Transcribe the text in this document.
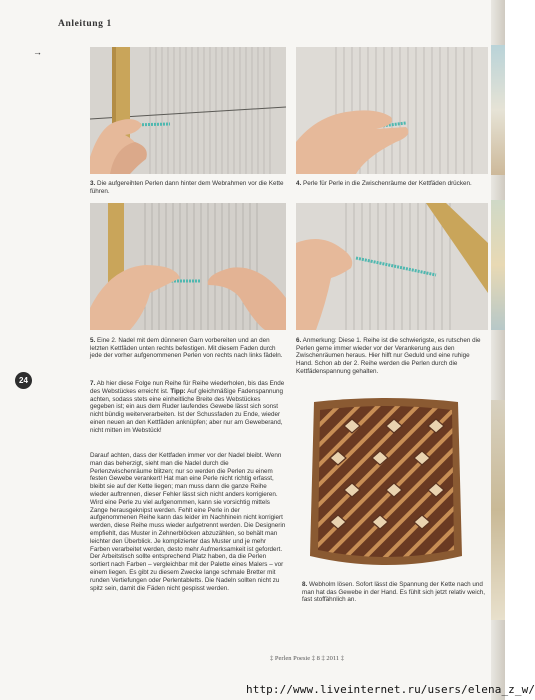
Anleitung 1
→
3. Die aufgereihten Perlen dann hinter dem Webrahmen vor die Kette führen.
4. Perle für Perle in die Zwischenräume der Kettfäden drücken.
5. Eine 2. Nadel mit dem dünneren Garn vorbereiten und an den letzten Kettfäden unten rechts befestigen. Mit diesem Faden durch jede der vorher aufgenommenen Perlen von rechts nach links fädeln.
6. Anmerkung: Diese 1. Reihe ist die schwierigste, es rutschen die Perlen gerne immer wieder vor der Verankerung aus den Zwischenräumen heraus. Hier hilft nur Geduld und eine ruhige Hand. Schon ab der 2. Reihe werden die Perlen durch die Kettfädenspannung gehalten.
24	7. Ab hier diese Folge nun Reihe für Reihe wiederholen, bis das Ende des Webstückes erreicht ist. Tipp: Auf gleichmäßige Fadenspannung achten, sodass stets eine einheitliche Breite des Webstückes gegeben ist; ein aus dem Ruder laufendes Gewebe lässt sich sonst nicht bündig weiterverarbeiten. Ist der Schussfaden zu Ende, wieder einen neuen an den Kettfäden anknüpfen; aber nur am Geweberand, nicht mitten im Webstück!
Darauf achten, dass der Kettfaden immer vor der Nadel bleibt. Wenn man das beherzigt, sieht man die Nadel durch die Perlenzwischenräume blitzen; nur so werden die Perlen zu einem festen Gewebe verankert! Hat man eine Perle nicht richtig erfasst, bleibt sie auf der Kette liegen; man muss dann die ganze Reihe wieder auftrennen, dieser Fehler lässt sich nicht anders korrigieren. Wird eine Perle zu viel aufgenommen, kann sie vorsichtig mittels Zange herausgeknipst werden. Fehlt eine Perle in der aufgenommenen Reihe kann das leider im Nachhinein nicht korrigiert werden, diese Reihe muss wieder aufgetrennt werden. Die Designerin empfiehlt, das Muster in Zehnerblöcken abzuzählen, so behält man leichter den Überblick. Je komplizierter das Muster und je mehr Farben verarbeitet werden, desto mehr Aufmerksamkeit ist gefordert. Der Arbeitstisch sollte entsprechend Platz haben, da die Perlen sortiert nach Farben – vergleichbar mit der Palette eines Malers – vor einem liegen. Es gibt zu diesem Zwecke lange schmale Bretter mit runden Vertiefungen oder Perlentabletts. Die Nadeln sollten nicht zu spitz sein, damit die Fäden nicht gespisst werden.
8. Webholm lösen. Sofort lässt die Spannung der Kette nach und man hat das Gewebe in der Hand. Es fühlt sich jetzt relativ weich, fast stoffähnlich an.
‡ Perlen Poesie ‡ 8 ‡ 2011 ‡
http://www.liveinternet.ru/users/elena_z_w/
